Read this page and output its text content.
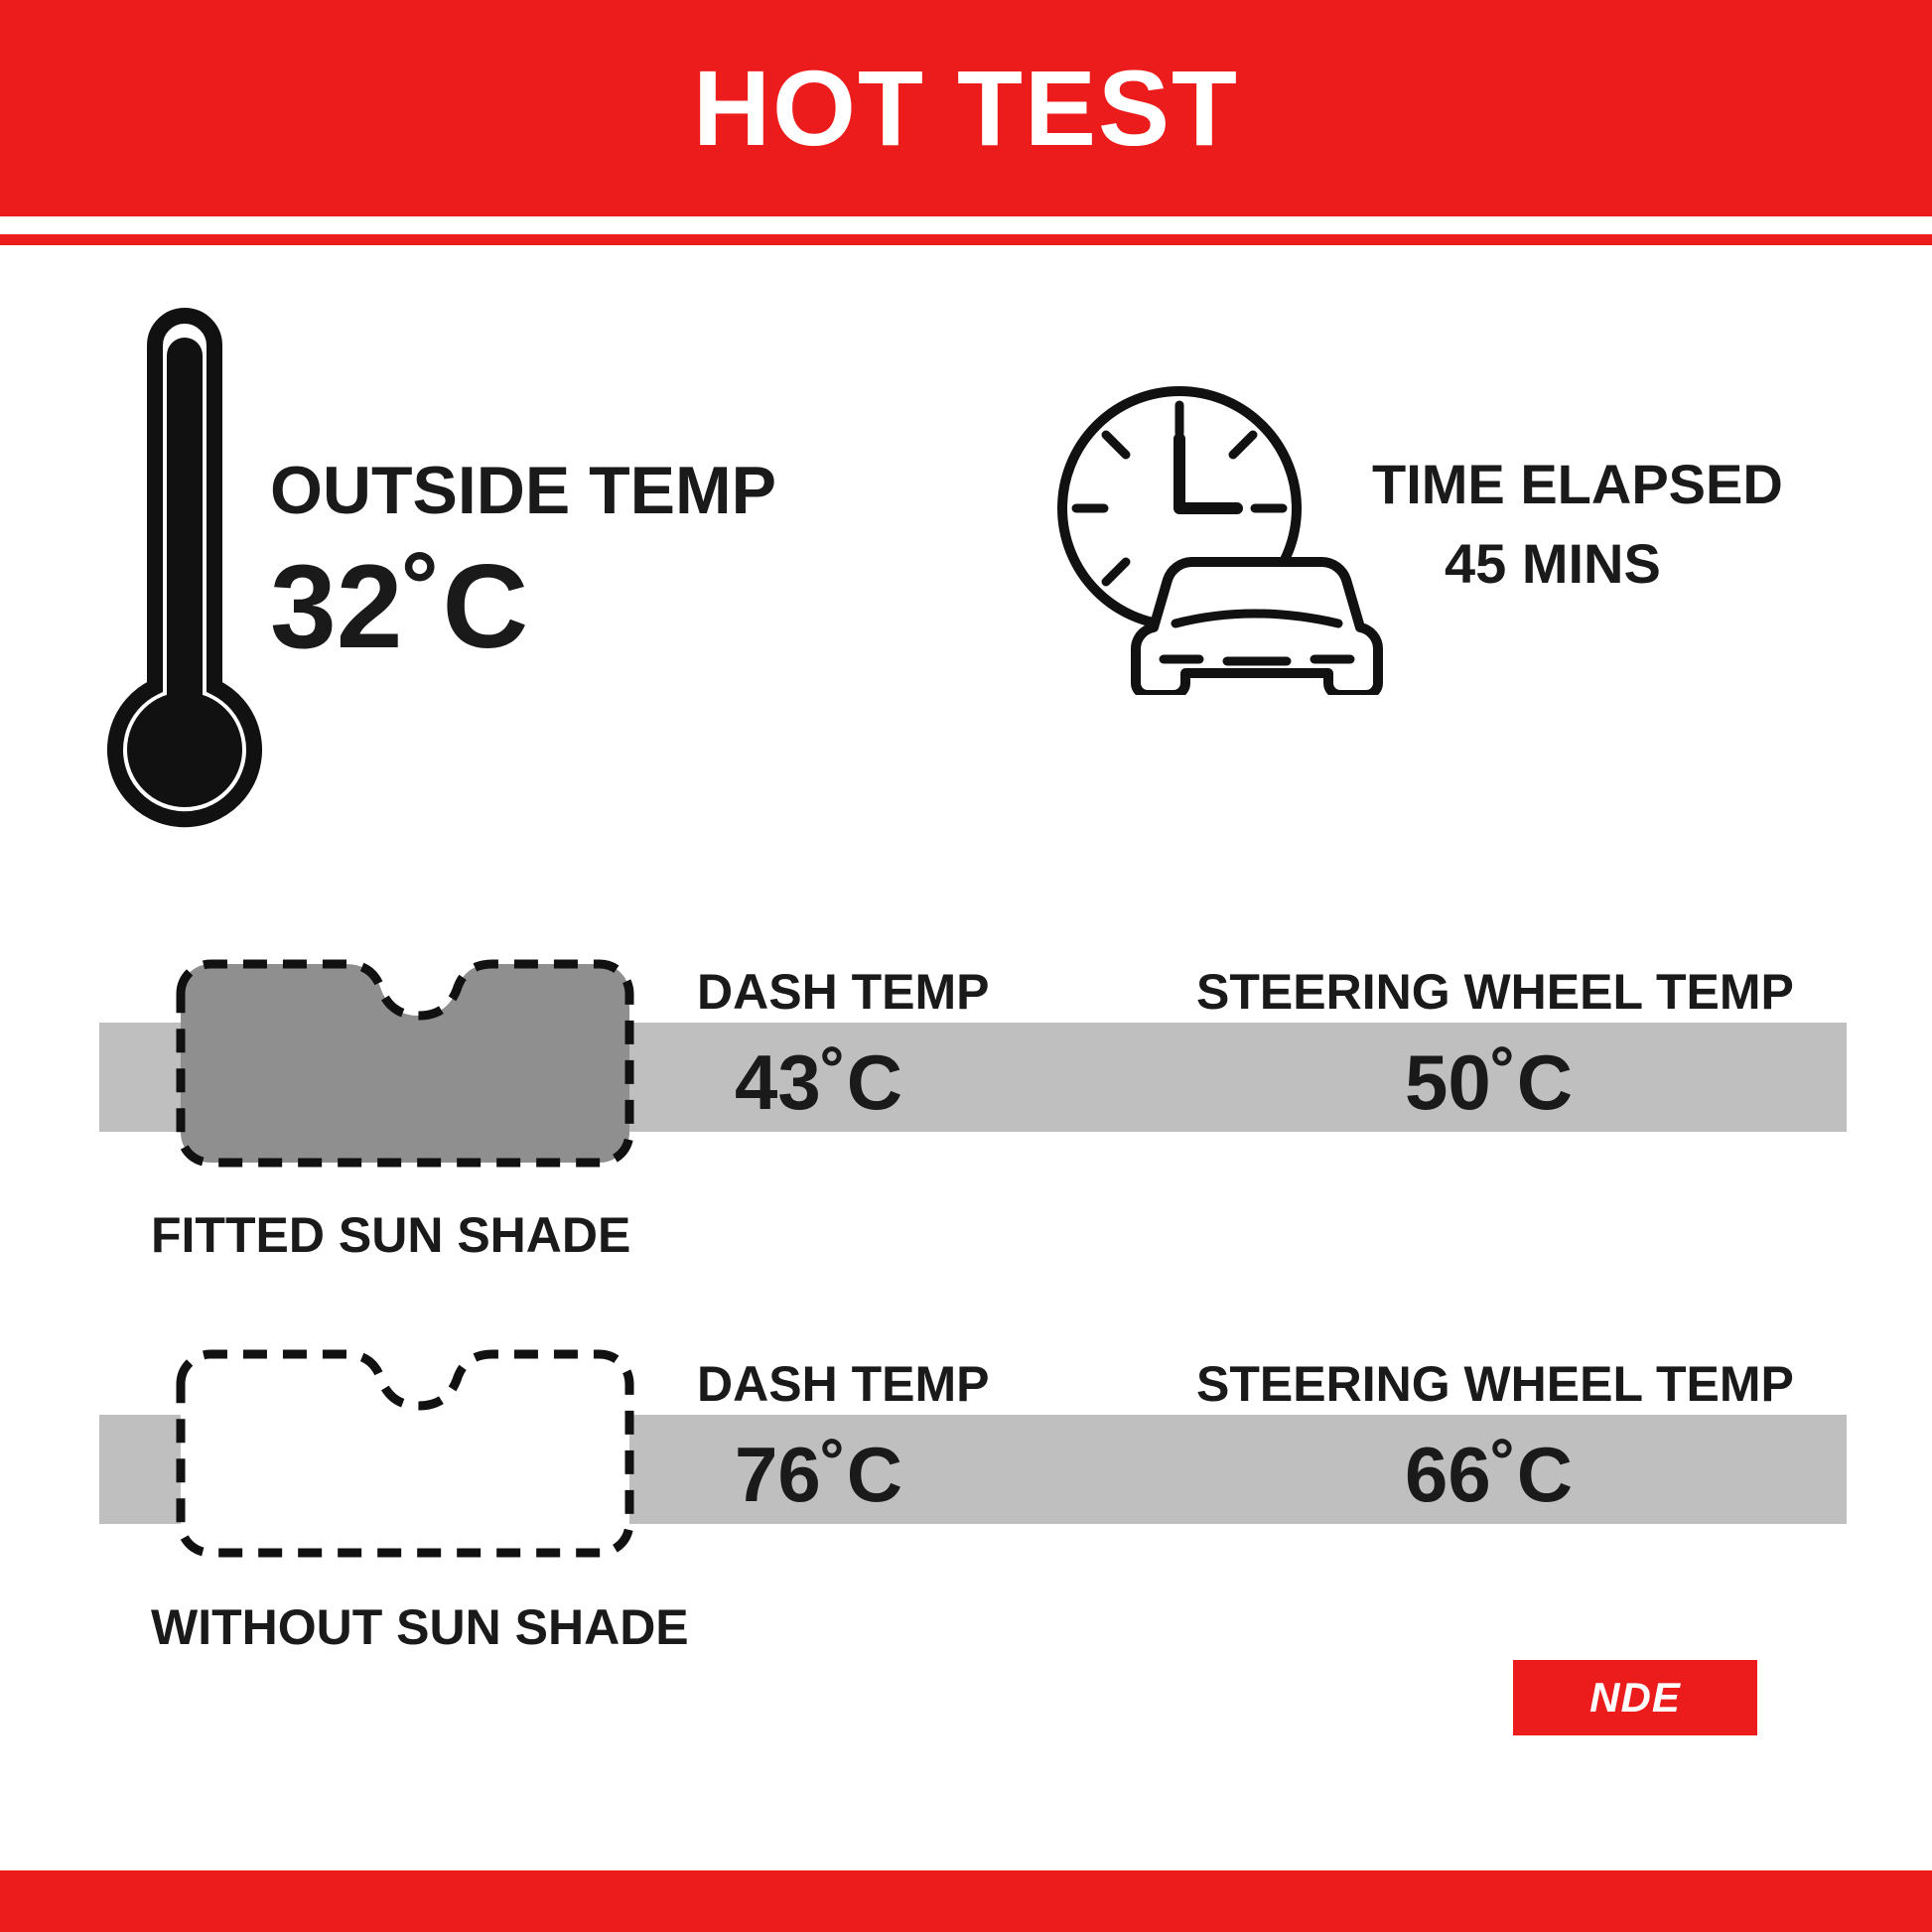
HOT TEST
OUTSIDE TEMP
32˚C
TIME ELAPSED
45 MINS
FITTED SUN SHADE
DASH TEMP
43˚C
STEERING WHEEL TEMP
50˚C
WITHOUT SUN SHADE
DASH TEMP
76˚C
STEERING WHEEL TEMP
66˚C
NDE
